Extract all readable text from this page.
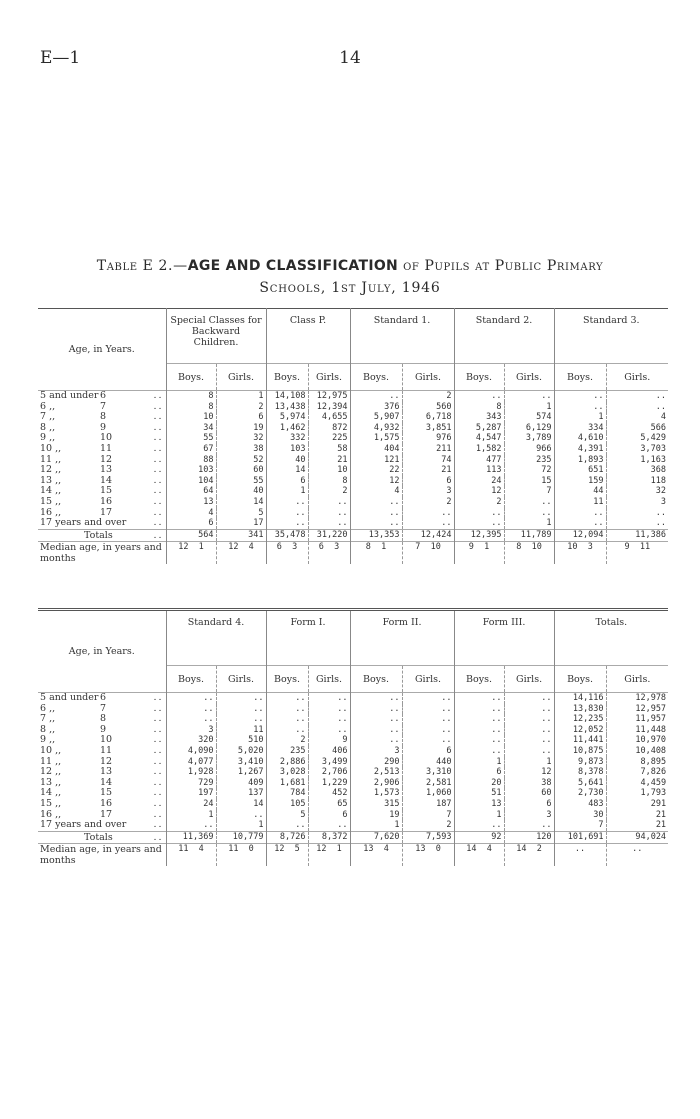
E—1	14
Table E 2.—AGE AND CLASSIFICATION of Pupils at Public Primary
Schools, 1st July, 1946
Age, in Years.	Special Classes for Backward Children.		Class P.		Standard 1.		Standard 2.		Standard 3.	
	Boys.	Girls.	Boys.	Girls.	Boys.	Girls.	Boys.	Girls.	Boys.	Girls.
5 and under 6 ..	8	1	14,108	12,975	..	2	..	..	..	..
6 ,, 7 ..	8	2	13,438	12,394	376	560	8	1	..	..
7 ,, 8 ..	10	6	5,974	4,655	5,907	6,718	343	574	1	4
8 ,, 9 ..	34	19	1,462	872	4,932	3,851	5,287	6,129	334	566
9 ,, 10 ..	55	32	332	225	1,575	976	4,547	3,789	4,610	5,429
10 ,, 11 ..	67	38	103	58	404	211	1,582	966	4,391	3,703
11 ,, 12 ..	88	52	40	21	121	74	477	235	1,893	1,163
12 ,, 13 ..	103	60	14	10	22	21	113	72	651	368
13 ,, 14 ..	104	55	6	8	12	6	24	15	159	118
14 ,, 15 ..	64	40	1	2	4	3	12	7	44	32
15 ,, 16 ..	13	14	..	..	..	2	2	..	11	3
16 ,, 17 ..	4	5	..	..	..	..	..	..	..	..
17 years and over ..	6	17	..	..	..	..	..	1	..	..
Totals ..	564	341	35,478	31,220	13,353	12,424	12,395	11,789	12,094	11,386
Median age, in years and months	12  1	12  4	6  3	6  3	8  1	7  10	9  1	8  10	10  3	9  11
Age, in Years.	Standard 4.		Form I.		Form II.		Form III.		Totals.	
	Boys.	Girls.	Boys.	Girls.	Boys.	Girls.	Boys.	Girls.	Boys.	Girls.
5 and under 6 ..	..	..	..	..	..	..	..	..	14,116	12,978
6 ,, 7 ..	..	..	..	..	..	..	..	..	13,830	12,957
7 ,, 8 ..	..	..	..	..	..	..	..	..	12,235	11,957
8 ,, 9 ..	3	11	..	..	..	..	..	..	12,052	11,448
9 ,, 10 ..	320	510	2	9	..	..	..	..	11,441	10,970
10 ,, 11 ..	4,090	5,020	235	406	3	6	..	..	10,875	10,408
11 ,, 12 ..	4,077	3,410	2,886	3,499	290	440	1	1	9,873	8,895
12 ,, 13 ..	1,928	1,267	3,028	2,706	2,513	3,310	6	12	8,378	7,826
13 ,, 14 ..	729	409	1,681	1,229	2,906	2,581	20	38	5,641	4,459
14 ,, 15 ..	197	137	784	452	1,573	1,060	51	60	2,730	1,793
15 ,, 16 ..	24	14	105	65	315	187	13	6	483	291
16 ,, 17 ..	1	..	5	6	19	7	1	3	30	21
17 years and over ..	..	1	..	..	1	2	..	..	7	21
Totals ..	11,369	10,779	8,726	8,372	7,620	7,593	92	120	101,691	94,024
Median age, in years and months	11  4	11  0	12  5	12  1	13  4	13  0	14  4	14  2	..	..
